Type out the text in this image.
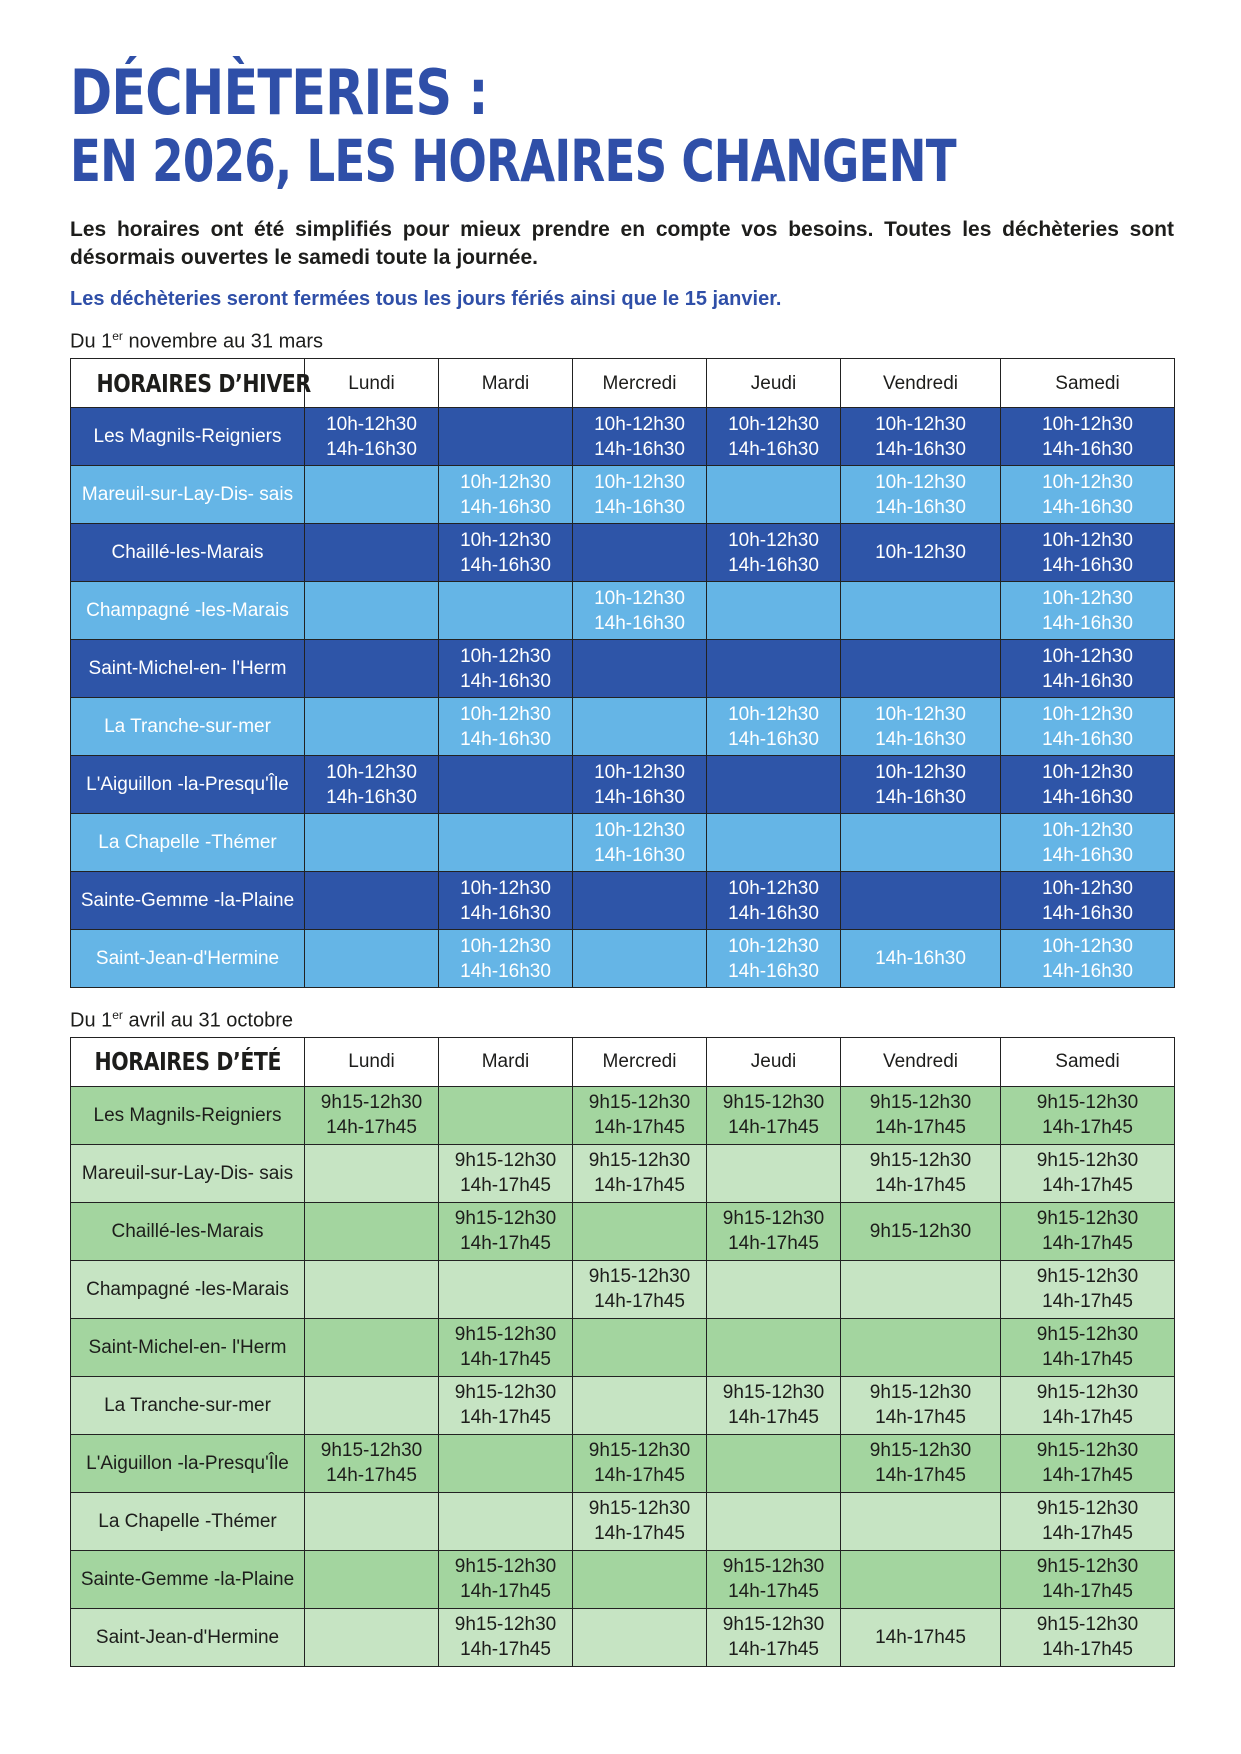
DÉCHÈTERIES :
EN 2026, LES HORAIRES CHANGENT

Les horaires ont été simplifiés pour mieux prendre en compte vos besoins. Toutes les déchèteries sont désormais ouvertes le samedi toute la journée.

Les déchèteries seront fermées tous les jours fériés ainsi que le 15 janvier.

Du 1er novembre au 31 mars
HORAIRES D’HIVER	Lundi	Mardi	Mercredi	Jeudi	Vendredi	Samedi
Les Magnils-Reigniers	10h-12h30
14h-16h30		10h-12h30
14h-16h30	10h-12h30
14h-16h30	10h-12h30
14h-16h30	10h-12h30
14h-16h30

Mareuil-sur-Lay-Dis- sais		10h-12h30
14h-16h30	10h-12h30
14h-16h30		10h-12h30
14h-16h30	10h-12h30
14h-16h30

Chaillé-les-Marais		10h-12h30
14h-16h30		10h-12h30
14h-16h30	10h-12h30	10h-12h30
14h-16h30

Champagné -les-Marais			10h-12h30
14h-16h30			10h-12h30
14h-16h30

Saint-Michel-en- l'Herm		10h-12h30
14h-16h30				10h-12h30
14h-16h30

La Tranche-sur-mer		10h-12h30
14h-16h30		10h-12h30
14h-16h30	10h-12h30
14h-16h30	10h-12h30
14h-16h30

L'Aiguillon -la-Presqu'Île	10h-12h30
14h-16h30		10h-12h30
14h-16h30		10h-12h30
14h-16h30	10h-12h30
14h-16h30

La Chapelle -Thémer			10h-12h30
14h-16h30			10h-12h30
14h-16h30

Sainte-Gemme -la-Plaine		10h-12h30
14h-16h30		10h-12h30
14h-16h30		10h-12h30
14h-16h30

Saint-Jean-d'Hermine		10h-12h30
14h-16h30		10h-12h30
14h-16h30	14h-16h30	10h-12h30
14h-16h30
Du 1er avril au 31 octobre
HORAIRES D’ÉTÉ	Lundi	Mardi	Mercredi	Jeudi	Vendredi	Samedi
Les Magnils-Reigniers	9h15-12h30
14h-17h45		9h15-12h30
14h-17h45	9h15-12h30
14h-17h45	9h15-12h30
14h-17h45	9h15-12h30
14h-17h45

Mareuil-sur-Lay-Dis- sais		9h15-12h30
14h-17h45	9h15-12h30
14h-17h45		9h15-12h30
14h-17h45	9h15-12h30
14h-17h45

Chaillé-les-Marais		9h15-12h30
14h-17h45		9h15-12h30
14h-17h45	9h15-12h30	9h15-12h30
14h-17h45

Champagné -les-Marais			9h15-12h30
14h-17h45			9h15-12h30
14h-17h45

Saint-Michel-en- l'Herm		9h15-12h30
14h-17h45				9h15-12h30
14h-17h45

La Tranche-sur-mer		9h15-12h30
14h-17h45		9h15-12h30
14h-17h45	9h15-12h30
14h-17h45	9h15-12h30
14h-17h45

L'Aiguillon -la-Presqu'Île	9h15-12h30
14h-17h45		9h15-12h30
14h-17h45		9h15-12h30
14h-17h45	9h15-12h30
14h-17h45

La Chapelle -Thémer			9h15-12h30
14h-17h45			9h15-12h30
14h-17h45

Sainte-Gemme -la-Plaine		9h15-12h30
14h-17h45		9h15-12h30
14h-17h45		9h15-12h30
14h-17h45

Saint-Jean-d'Hermine		9h15-12h30
14h-17h45		9h15-12h30
14h-17h45	14h-17h45	9h15-12h30
14h-17h45
